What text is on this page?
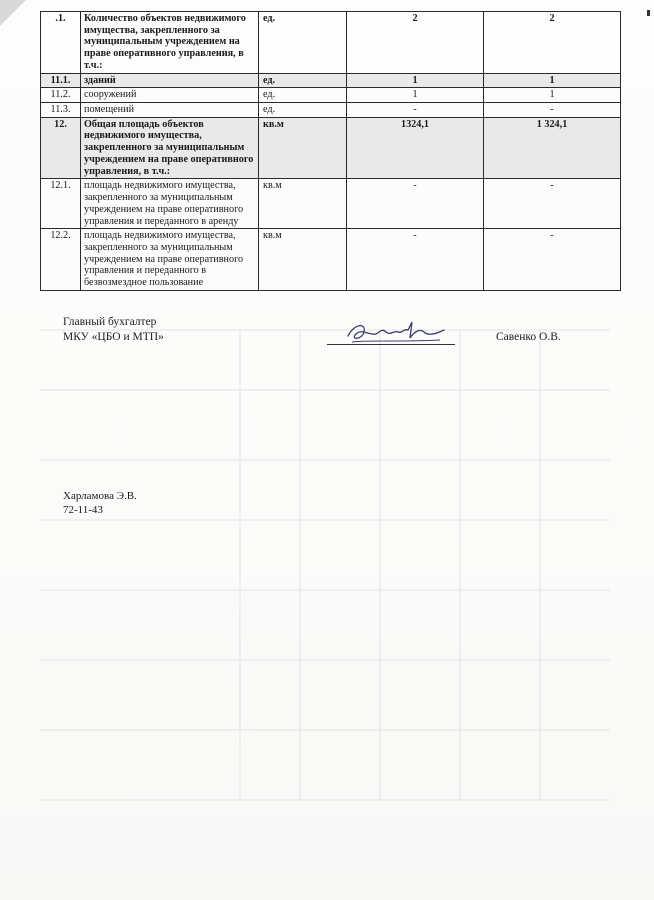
.1.	Количество объектов недвижимого имущества, закрепленного за муниципальным учреждением на праве оперативного управления, в т.ч.:	ед.	2	2
11.1.	зданий	ед.	1	1
11.2.	сооружений	ед.	1	1
11.3.	помещений	ед.	-	-
12.	Общая площадь объектов недвижимого имущества, закрепленного за муниципальным учреждением на праве оперативного управления, в т.ч.:	кв.м	1324,1	1 324,1
12.1.	площадь недвижимого имущества, закрепленного за муниципальным учреждением на праве оперативного управления и переданного в аренду	кв.м	-	-
12.2.	площадь недвижимого имущества, закрепленного за муниципальным учреждением на праве оперативного управления и переданного в безвозмездное пользование	кв.м	-	-
Главный бухгалтер
МКУ «ЦБО и МТП»	Савенко О.В.
Харламова Э.В.
72-11-43
